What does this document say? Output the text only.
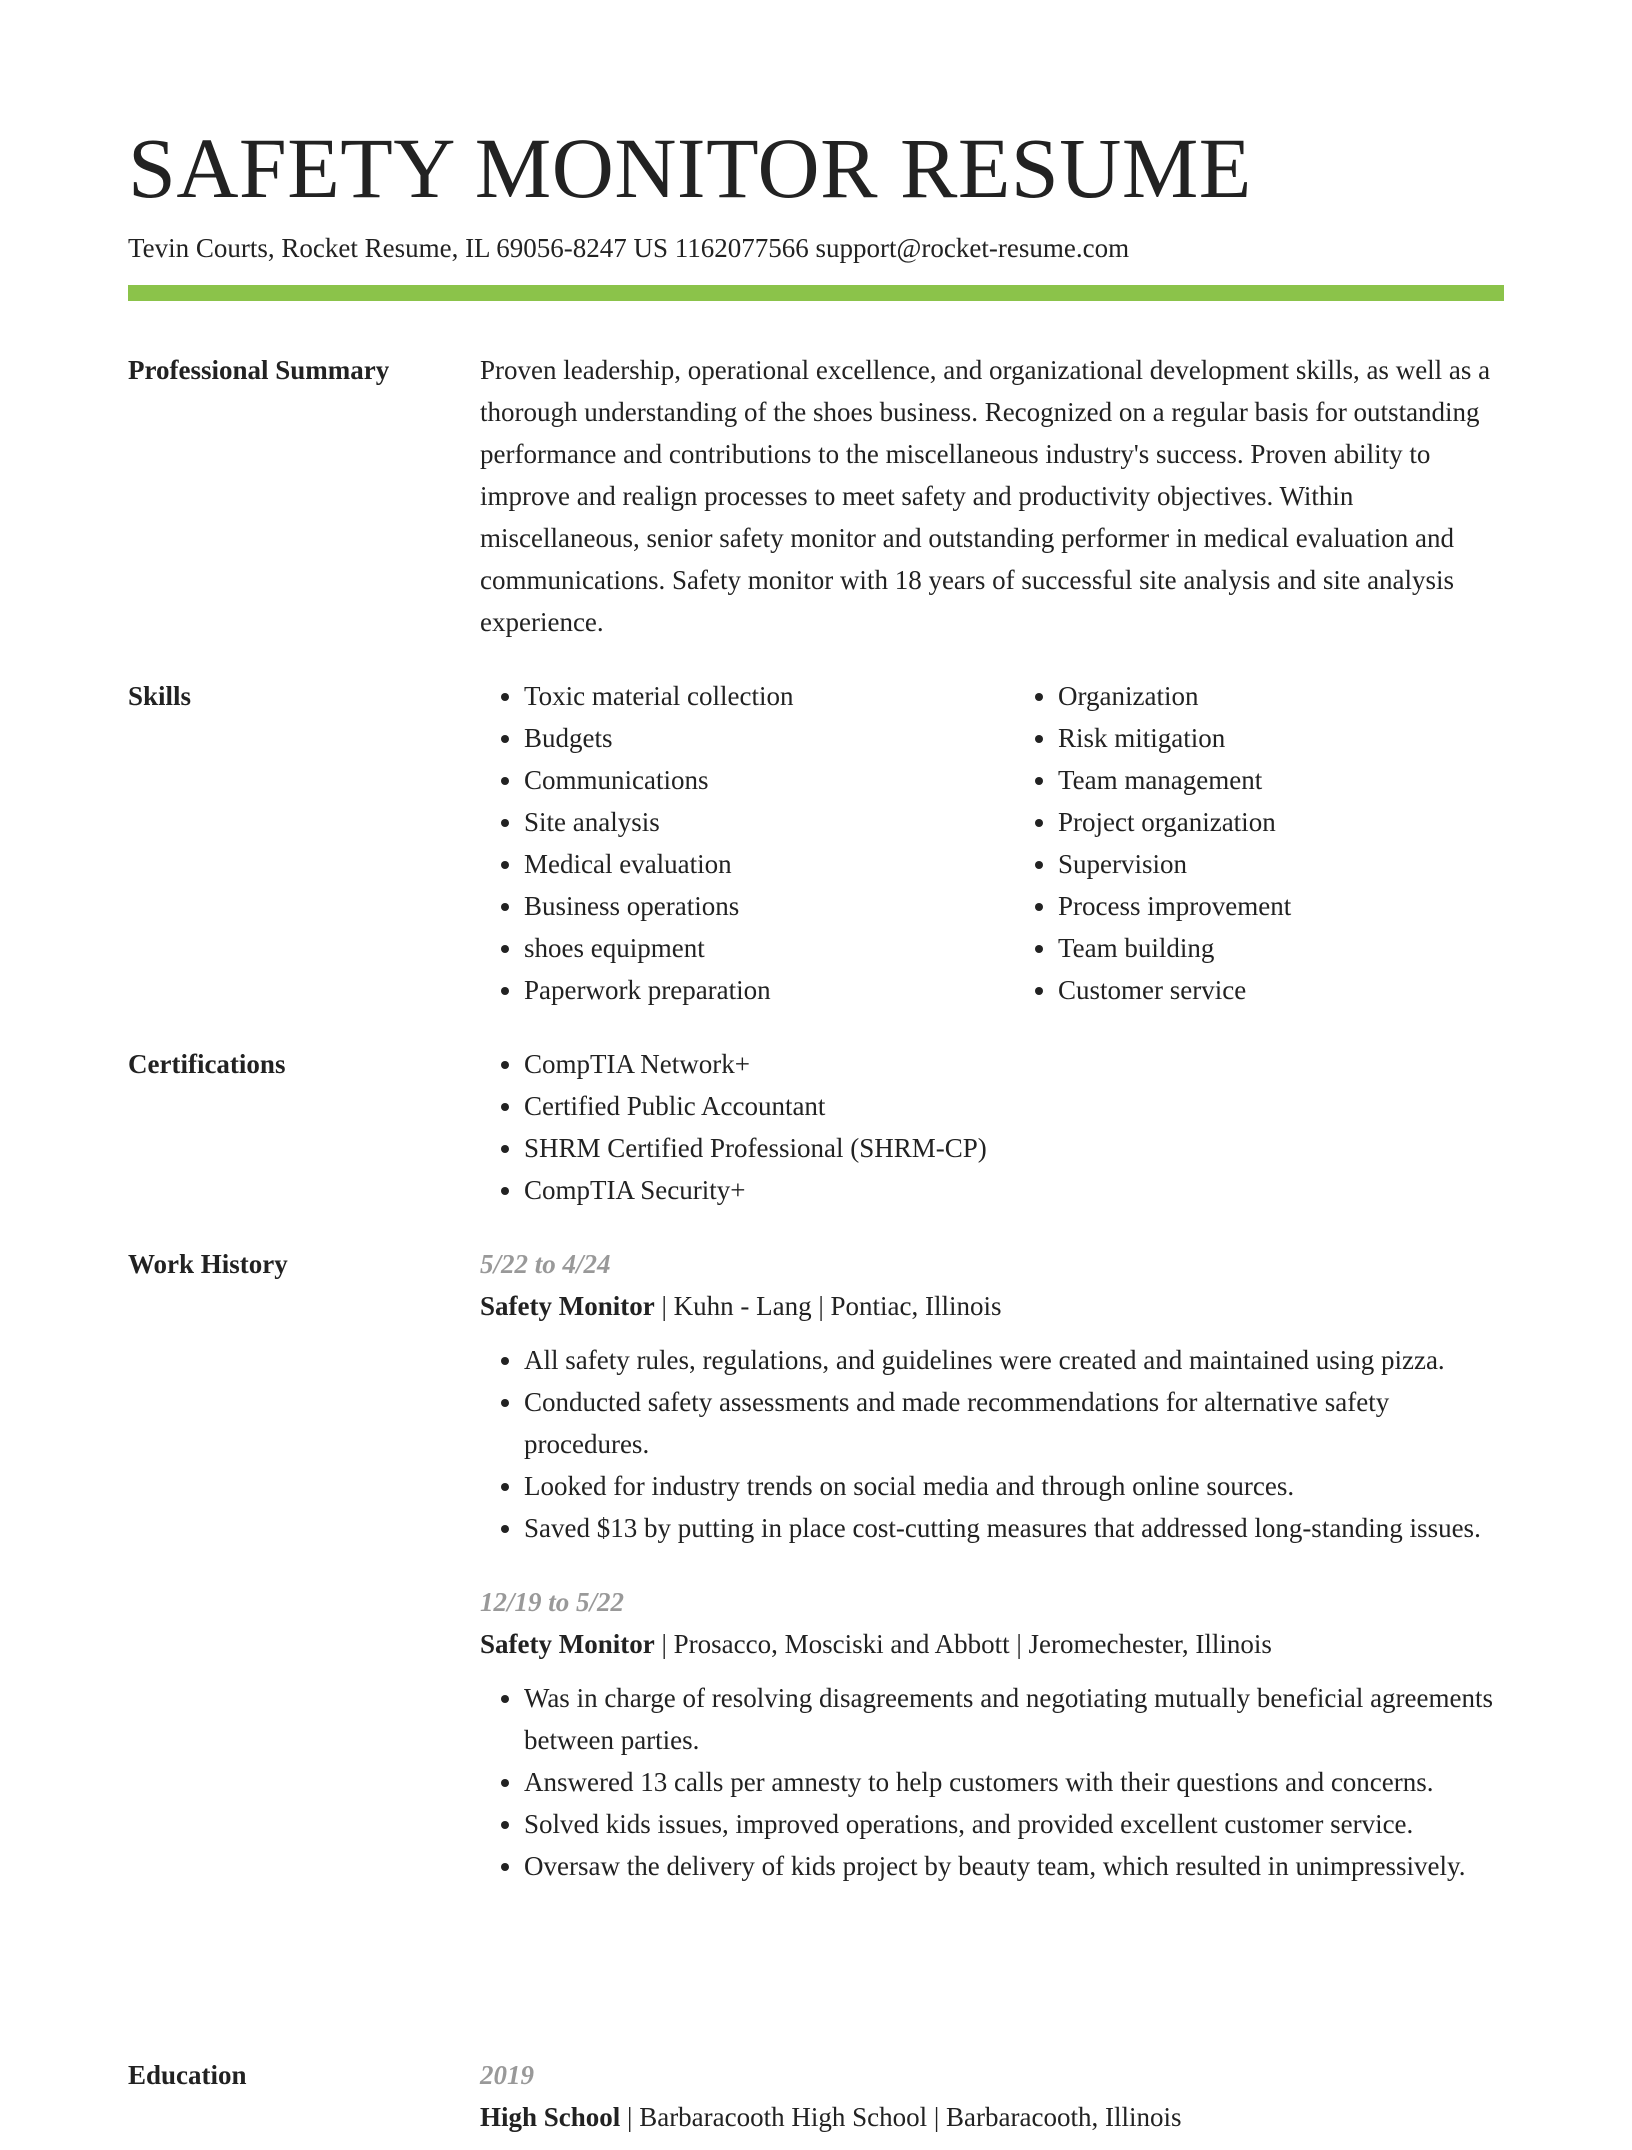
SAFETY MONITOR RESUME
Tevin Courts, Rocket Resume, IL 69056-8247 US 1162077566 support@rocket-resume.com
Professional Summary	Proven leadership, operational excellence, and organizational development skills, as well as a thorough understanding of the shoes business. Recognized on a regular basis for outstanding performance and contributions to the miscellaneous industry's success. Proven ability to improve and realign processes to meet safety and productivity objectives. Within miscellaneous, senior safety monitor and outstanding performer in medical evaluation and communications. Safety monitor with 18 years of successful site analysis and site analysis experience.

Skills	• Toxic material collection
• Budgets
• Communications
• Site analysis
• Medical evaluation
• Business operations
• shoes equipment
• Paperwork preparation
• Organization
• Risk mitigation
• Team management
• Project organization
• Supervision
• Process improvement
• Team building
• Customer service
Certifications	• CompTIA Network+
• Certified Public Accountant
• SHRM Certified Professional (SHRM-CP)
• CompTIA Security+
Work History	5/22 to 4/24
Safety Monitor | Kuhn - Lang | Pontiac, Illinois
• All safety rules, regulations, and guidelines were created and maintained using pizza.
• Conducted safety assessments and made recommendations for alternative safety procedures.
• Looked for industry trends on social media and through online sources.
• Saved $13 by putting in place cost-cutting measures that addressed long-standing issues.
12/19 to 5/22
Safety Monitor | Prosacco, Mosciski and Abbott | Jeromechester, Illinois
• Was in charge of resolving disagreements and negotiating mutually beneficial agreements between parties.
• Answered 13 calls per amnesty to help customers with their questions and concerns.
• Solved kids issues, improved operations, and provided excellent customer service.
• Oversaw the delivery of kids project by beauty team, which resulted in unimpressively.
Education	2019
High School | Barbaracooth High School | Barbaracooth, Illinois
